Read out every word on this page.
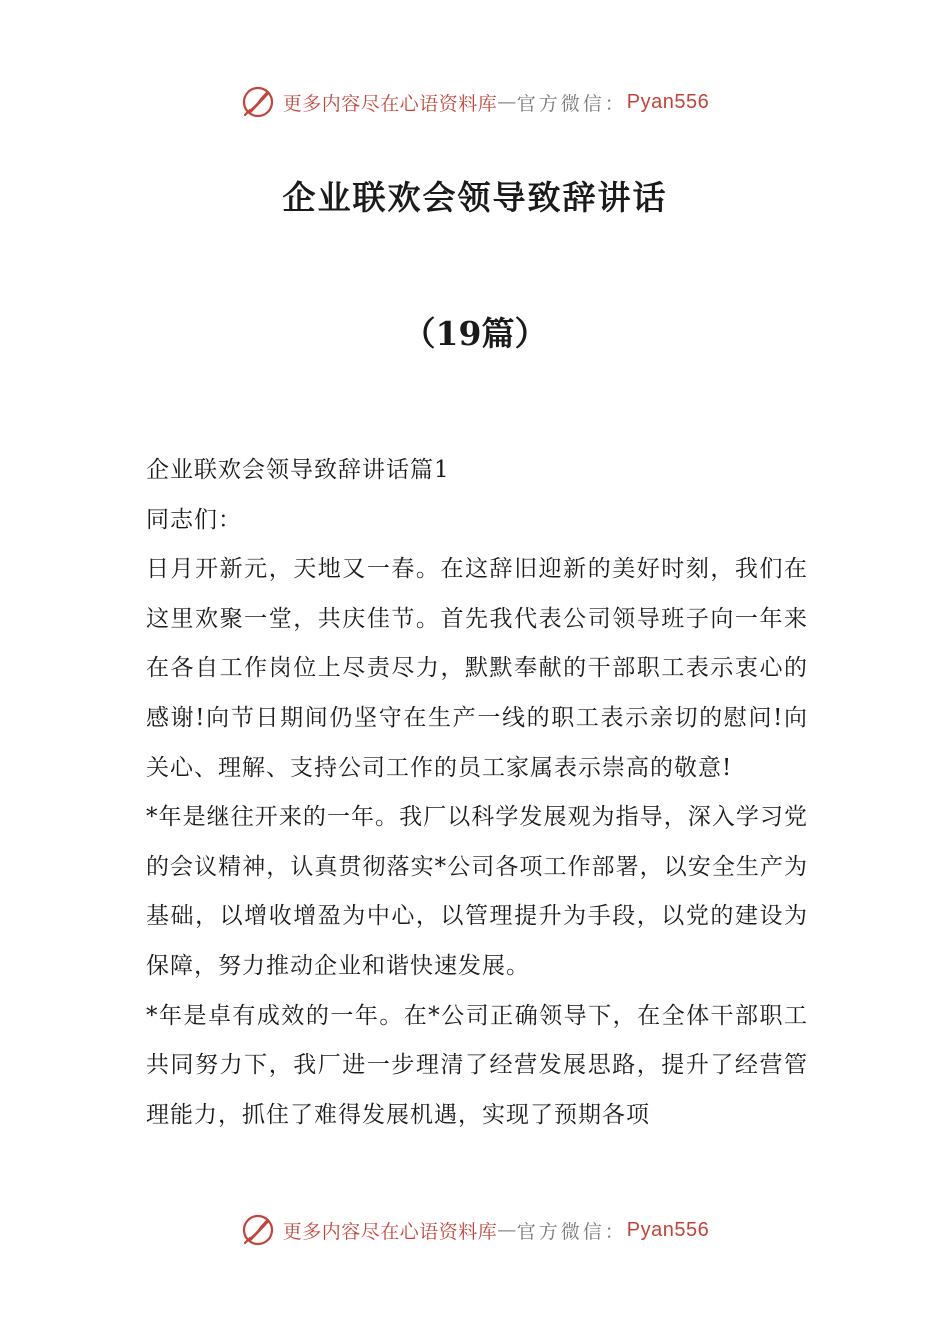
更多内容尽在心语资料库 — 官方微信： Pyan556
企业联欢会领导致辞讲话
（19篇）

企业联欢会领导致辞讲话篇1

同志们：

日月开新元，天地又一春。在这辞旧迎新的美好时刻，我们在这里欢聚一堂，共庆佳节。首先我代表公司领导班子向一年来在各自工作岗位上尽责尽力，默默奉献的干部职工表示衷心的感谢!向节日期间仍坚守在生产一线的职工表示亲切的慰问!向关心、理解、支持公司工作的员工家属表示崇高的敬意!

*年是继往开来的一年。我厂以科学发展观为指导，深入学习党的会议精神，认真贯彻落实*公司各项工作部署，以安全生产为基础，以增收增盈为中心，以管理提升为手段，以党的建设为保障，努力推动企业和谐快速发展。

*年是卓有成效的一年。在*公司正确领导下，在全体干部职工共同努力下，我厂进一步理清了经营发展思路，提升了经营管理能力，抓住了难得发展机遇，实现了预期各项

更多内容尽在心语资料库 — 官方微信： Pyan556
